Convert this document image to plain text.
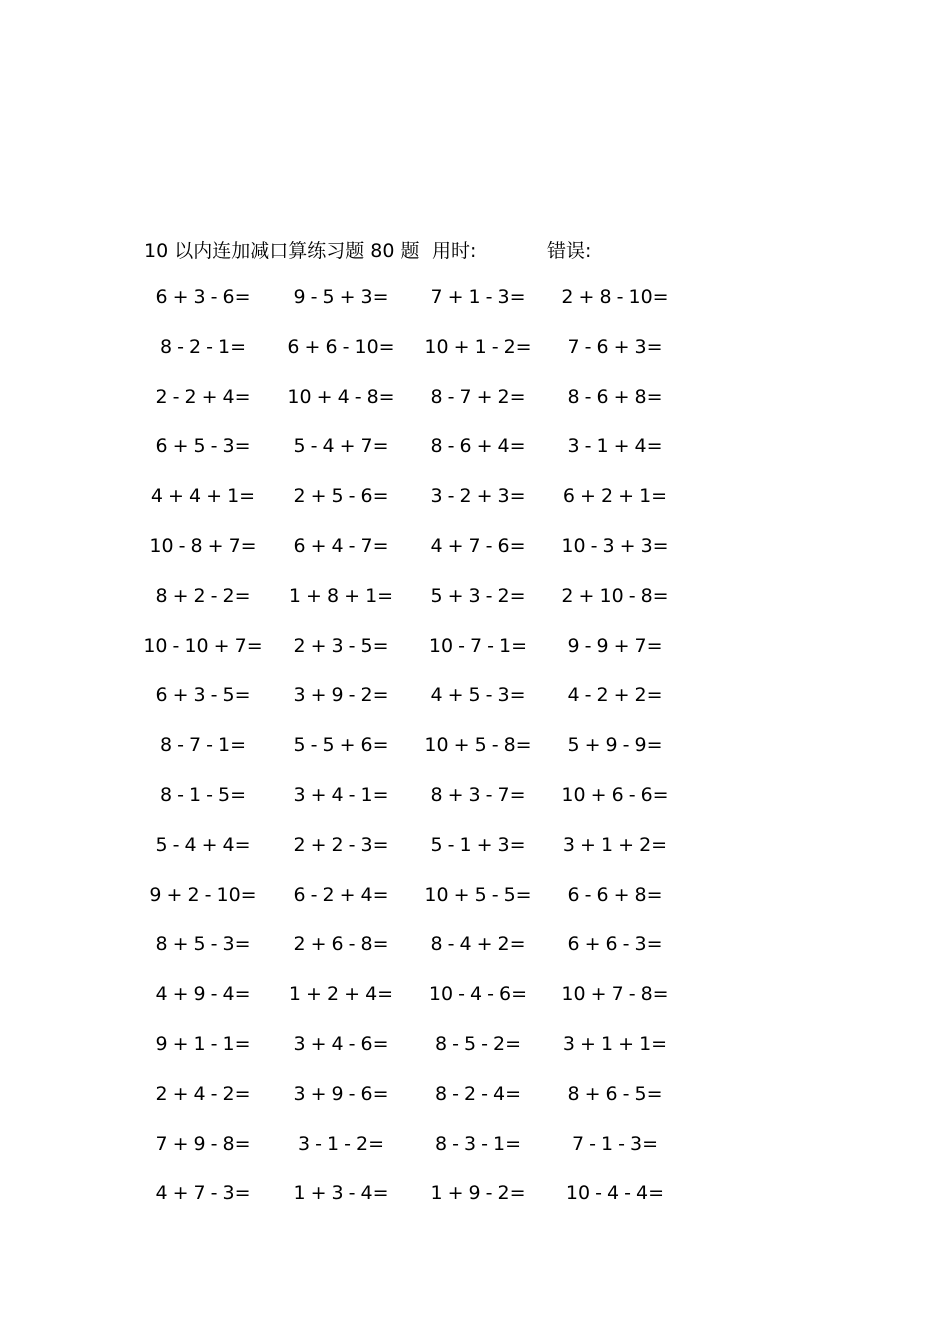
10 以内连加减口算练习题 80 题 用时:	错误:
6 + 3 - 6=	9 - 5 + 3=	7 + 1 - 3=	2 + 8 - 10=
8 - 2 - 1=	6 + 6 - 10=	10 + 1 - 2=	7 - 6 + 3=
2 - 2 + 4=	10 + 4 - 8=	8 - 7 + 2=	8 - 6 + 8=
6 + 5 - 3=	5 - 4 + 7=	8 - 6 + 4=	3 - 1 + 4=
4 + 4 + 1=	2 + 5 - 6=	3 - 2 + 3=	6 + 2 + 1=
10 - 8 + 7=	6 + 4 - 7=	4 + 7 - 6=	10 - 3 + 3=
8 + 2 - 2=	1 + 8 + 1=	5 + 3 - 2=	2 + 10 - 8=
10 - 10 + 7=	2 + 3 - 5=	10 - 7 - 1=	9 - 9 + 7=
6 + 3 - 5=	3 + 9 - 2=	4 + 5 - 3=	4 - 2 + 2=
8 - 7 - 1=	5 - 5 + 6=	10 + 5 - 8=	5 + 9 - 9=
8 - 1 - 5=	3 + 4 - 1=	8 + 3 - 7=	10 + 6 - 6=
5 - 4 + 4=	2 + 2 - 3=	5 - 1 + 3=	3 + 1 + 2=
9 + 2 - 10=	6 - 2 + 4=	10 + 5 - 5=	6 - 6 + 8=
8 + 5 - 3=	2 + 6 - 8=	8 - 4 + 2=	6 + 6 - 3=
4 + 9 - 4=	1 + 2 + 4=	10 - 4 - 6=	10 + 7 - 8=
9 + 1 - 1=	3 + 4 - 6=	8 - 5 - 2=	3 + 1 + 1=
2 + 4 - 2=	3 + 9 - 6=	8 - 2 - 4=	8 + 6 - 5=
7 + 9 - 8=	3 - 1 - 2=	8 - 3 - 1=	7 - 1 - 3=
4 + 7 - 3=	1 + 3 - 4=	1 + 9 - 2=	10 - 4 - 4=
